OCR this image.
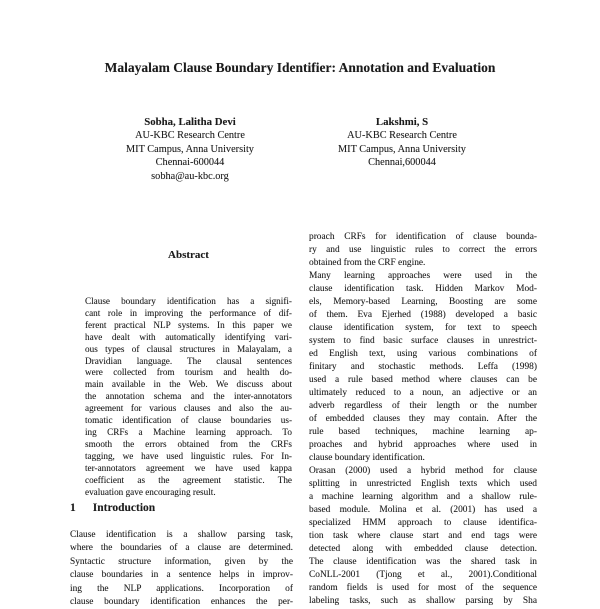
Malayalam Clause Boundary Identifier: Annotation and Evaluation
Sobha, Lalitha Devi
AU-KBC Research Centre
MIT Campus, Anna University
Chennai-600044
sobha@au-kbc.org
Lakshmi, S
AU-KBC Research Centre
MIT Campus, Anna University
Chennai,600044
Abstract
Clause boundary identification has a signifi-
cant role in improving the performance of dif-
ferent practical NLP systems. In this paper we
have dealt with automatically identifying vari-
ous types of clausal structures in Malayalam, a
Dravidian language. The clausal sentences
were collected from tourism and health do-
main available in the Web. We discuss about
the annotation schema and the inter-annotators
agreement for various clauses and also the au-
tomatic identification of clause boundaries us-
ing CRFs a Machine learning approach. To
smooth the errors obtained from the CRFs
tagging, we have used linguistic rules. For In-
ter-annotators agreement we have used kappa
coefficient as the agreement statistic. The
evaluation gave encouraging result.
1 Introduction
Clause identification is a shallow parsing task,
where the boundaries of a clause are determined.
Syntactic structure information, given by the
clause boundaries in a sentence helps in improv-
ing the NLP applications. Incorporation of
clause boundary identification enhances the per-
proach CRFs for identification of clause bounda-
ry and use linguistic rules to correct the errors
obtained from the CRF engine.
Many learning approaches were used in the
clause identification task. Hidden Markov Mod-
els, Memory-based Learning, Boosting are some
of them. Eva Ejerhed (1988) developed a basic
clause identification system, for text to speech
system to find basic surface clauses in unrestrict-
ed English text, using various combinations of
finitary and stochastic methods. Leffa (1998)
used a rule based method where clauses can be
ultimately reduced to a noun, an adjective or an
adverb regardless of their length or the number
of embedded clauses they may contain. After the
rule based techniques, machine learning ap-
proaches and hybrid approaches where used in
clause boundary identification.
Orasan (2000) used a hybrid method for clause
splitting in unrestricted English texts which used
a machine learning algorithm and a shallow rule-
based module. Molina et al. (2001) has used a
specialized HMM approach to clause identifica-
tion task where clause start and end tags were
detected along with embedded clause detection.
The clause identification was the shared task in
CoNLL-2001 (Tjong et al., 2001).Conditional
random fields is used for most of the sequence
labeling tasks, such as shallow parsing by Sha
